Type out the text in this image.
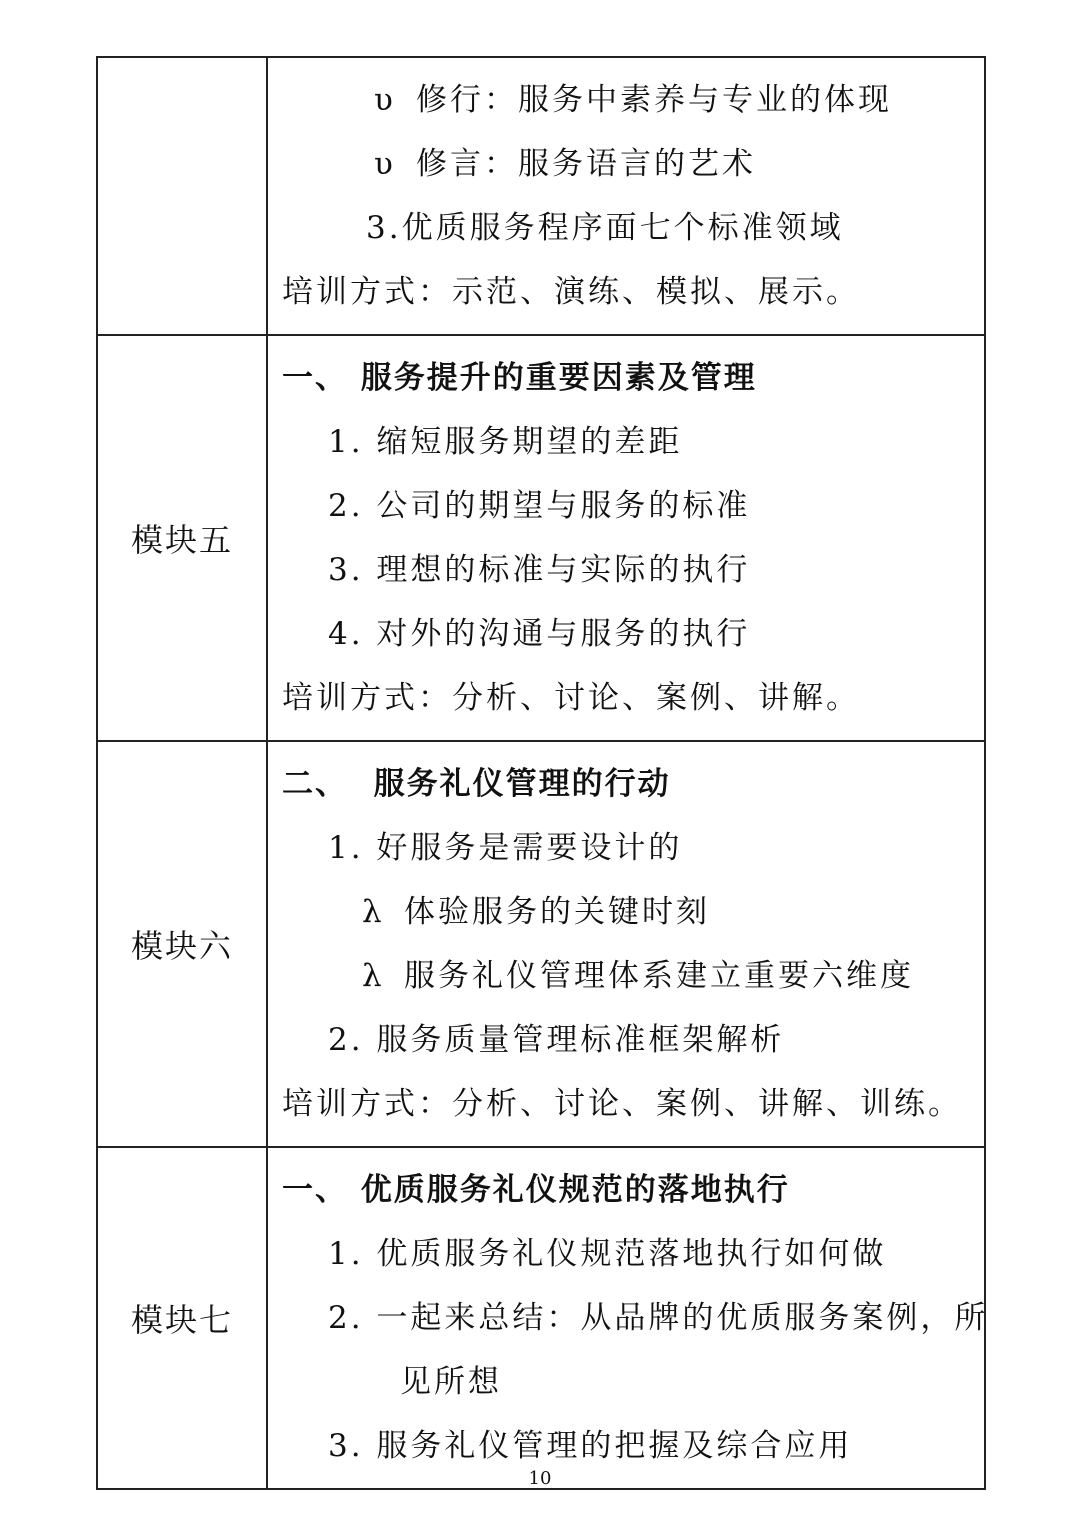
υ 修行：服务中素养与专业的体现
υ 修言：服务语言的艺术
3.优质服务程序面七个标准领域
培训方式：示范、演练、模拟、展示。
模块五
一、 服务提升的重要因素及管理
1. 缩短服务期望的差距
2. 公司的期望与服务的标准
3. 理想的标准与实际的执行
4. 对外的沟通与服务的执行
培训方式：分析、讨论、案例、讲解。
模块六
二、  服务礼仪管理的行动
1. 好服务是需要设计的
λ 体验服务的关键时刻
λ 服务礼仪管理体系建立重要六维度
2. 服务质量管理标准框架解析
培训方式：分析、讨论、案例、讲解、训练。
模块七
一、 优质服务礼仪规范的落地执行
1. 优质服务礼仪规范落地执行如何做
2. 一起来总结：从品牌的优质服务案例，所
见所想
3. 服务礼仪管理的把握及综合应用
10
